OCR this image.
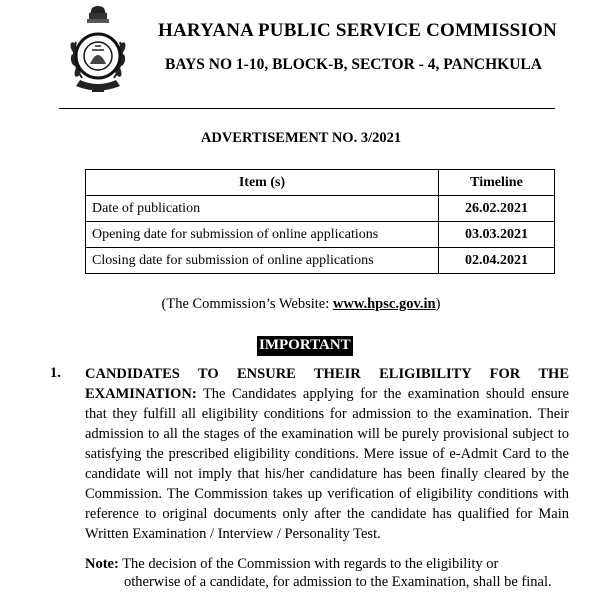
HARYANA PUBLIC SERVICE COMMISSION
BAYS NO 1-10, BLOCK-B, SECTOR - 4, PANCHKULA
ADVERTISEMENT NO. 3/2021
Item (s)	Timeline
Date of publication	26.02.2021
Opening date for submission of online applications	03.03.2021
Closing date for submission of online applications	02.04.2021
(The Commission’s Website: www.hpsc.gov.in)
IMPORTANT
1. CANDIDATES TO ENSURE THEIR ELIGIBILITY FOR THE EXAMINATION: The Candidates applying for the examination should ensure that they fulfill all eligibility conditions for admission to the examination. Their admission to all the stages of the examination will be purely provisional subject to satisfying the prescribed eligibility conditions. Mere issue of e-Admit Card to the candidate will not imply that his/her candidature has been finally cleared by the Commission. The Commission takes up verification of eligibility conditions with reference to original documents only after the candidate has qualified for Main Written Examination / Interview / Personality Test.
Note: The decision of the Commission with regards to the eligibility or
otherwise of a candidate, for admission to the Examination, shall be final.
